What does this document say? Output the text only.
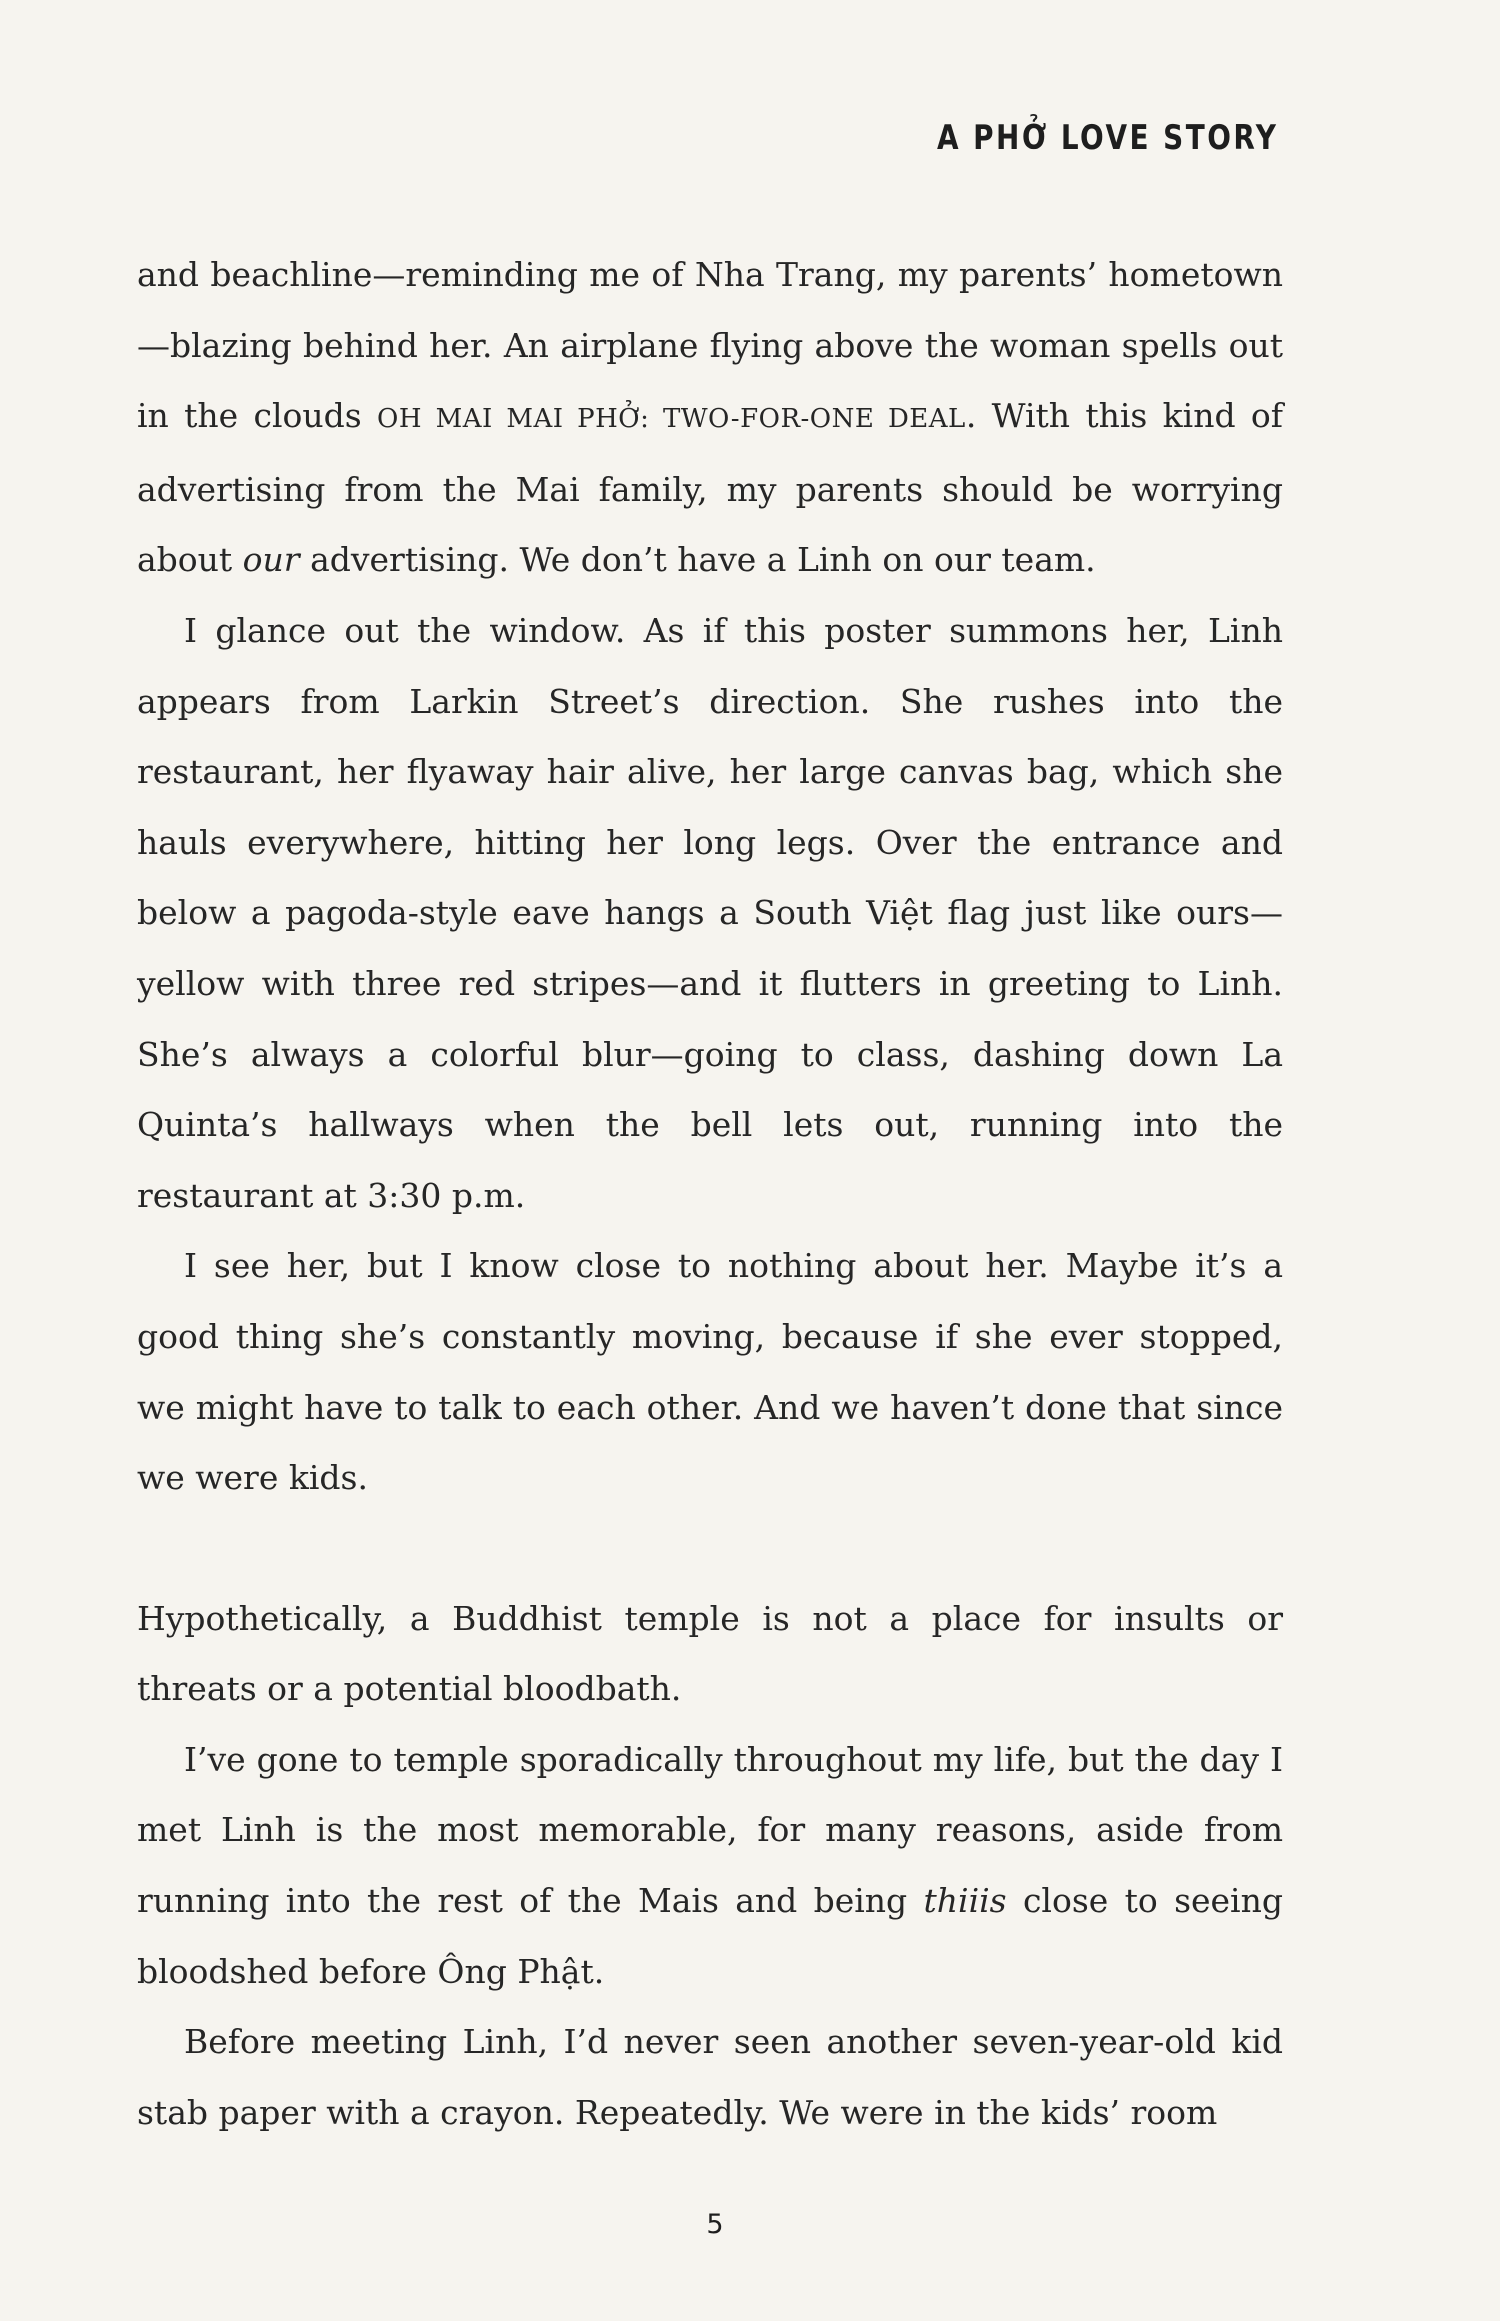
A PHỞ LOVE STORY

and beachline—reminding me of Nha Trang, my parents’ hometown—blazing behind her. An airplane flying above the woman spells out in the clouds OH MAI MAI PHỞ: TWO-FOR-ONE DEAL. With this kind of advertising from the Mai family, my parents should be worrying about our advertising. We don’t have a Linh on our team.

I glance out the window. As if this poster summons her, Linh appears from Larkin Street’s direction. She rushes into the restaurant, her flyaway hair alive, her large canvas bag, which she hauls everywhere, hitting her long legs. Over the entrance and below a pagoda-style eave hangs a South Việt flag just like ours—yellow with three red stripes—and it flutters in greeting to Linh. She’s always a colorful blur—going to class, dashing down La Quinta’s hallways when the bell lets out, running into the restaurant at 3:30 p.m.

I see her, but I know close to nothing about her. Maybe it’s a good thing she’s constantly moving, because if she ever stopped, we might have to talk to each other. And we haven’t done that since we were kids.

Hypothetically, a Buddhist temple is not a place for insults or threats or a potential bloodbath.

I’ve gone to temple sporadically throughout my life, but the day I met Linh is the most memorable, for many reasons, aside from running into the rest of the Mais and being thiiis close to seeing bloodshed before Ông Phật.

Before meeting Linh, I’d never seen another seven-year-old kid stab paper with a crayon. Repeatedly. We were in the kids’ room

5
